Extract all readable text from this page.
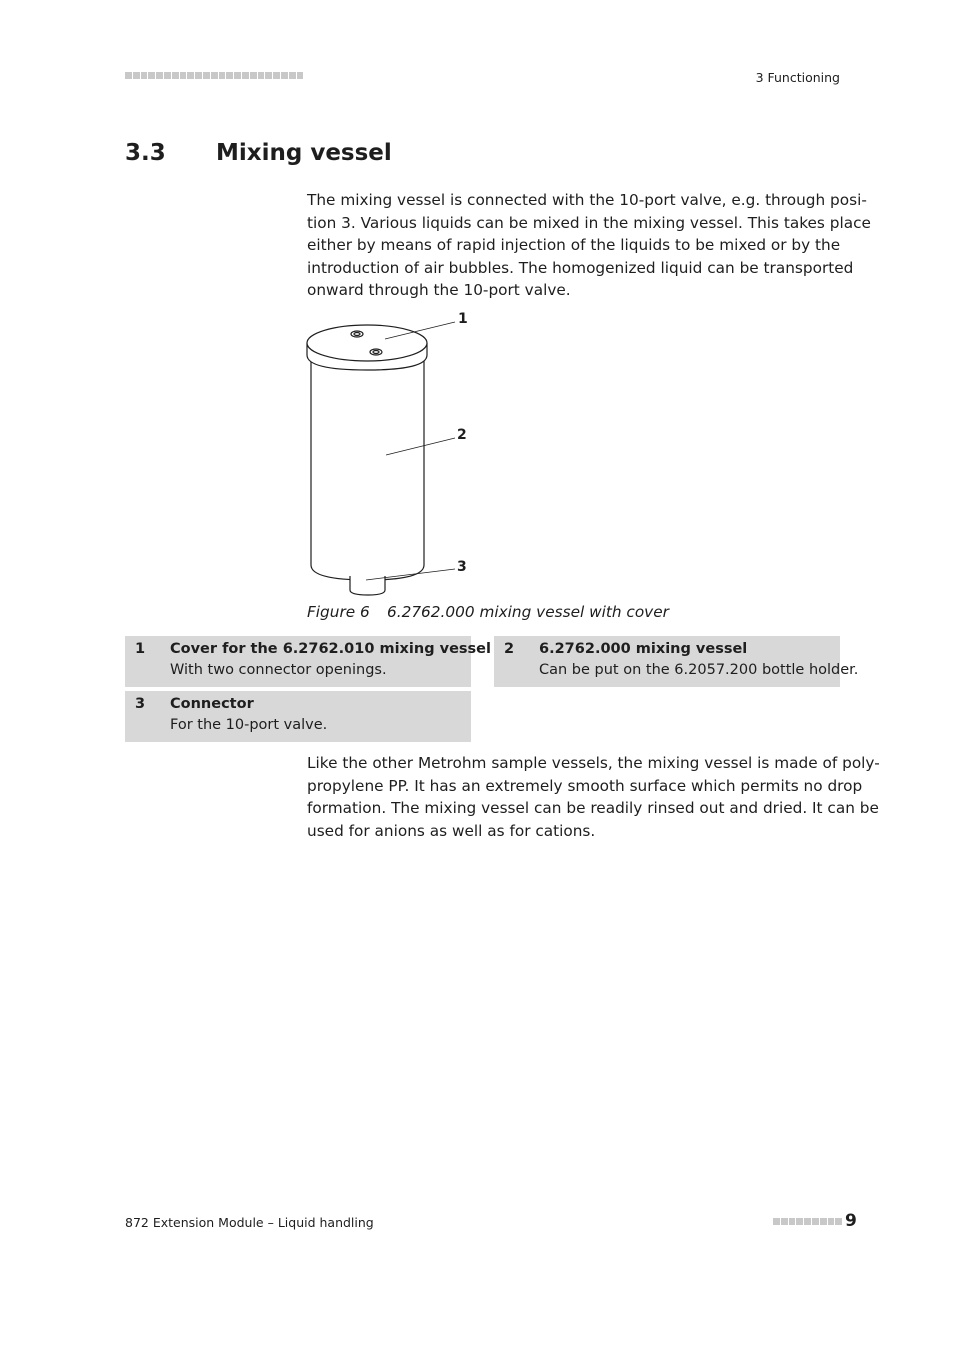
3 Functioning
3.3 Mixing vessel
The mixing vessel is connected with the 10-port valve, e.g. through posi-
tion 3. Various liquids can be mixed in the mixing vessel. This takes place
either by means of rapid injection of the liquids to be mixed or by the
introduction of air bubbles. The homogenized liquid can be transported
onward through the 10-port valve.
1
2
3
Figure 6 6.2762.000 mixing vessel with cover
1 Cover for the 6.2762.010 mixing vessel
With two connector openings.
2 6.2762.000 mixing vessel
Can be put on the 6.2057.200 bottle holder.
3 Connector
For the 10-port valve.
Like the other Metrohm sample vessels, the mixing vessel is made of poly-
propylene PP. It has an extremely smooth surface which permits no drop
formation. The mixing vessel can be readily rinsed out and dried. It can be
used for anions as well as for cations.
872 Extension Module – Liquid handling	9
